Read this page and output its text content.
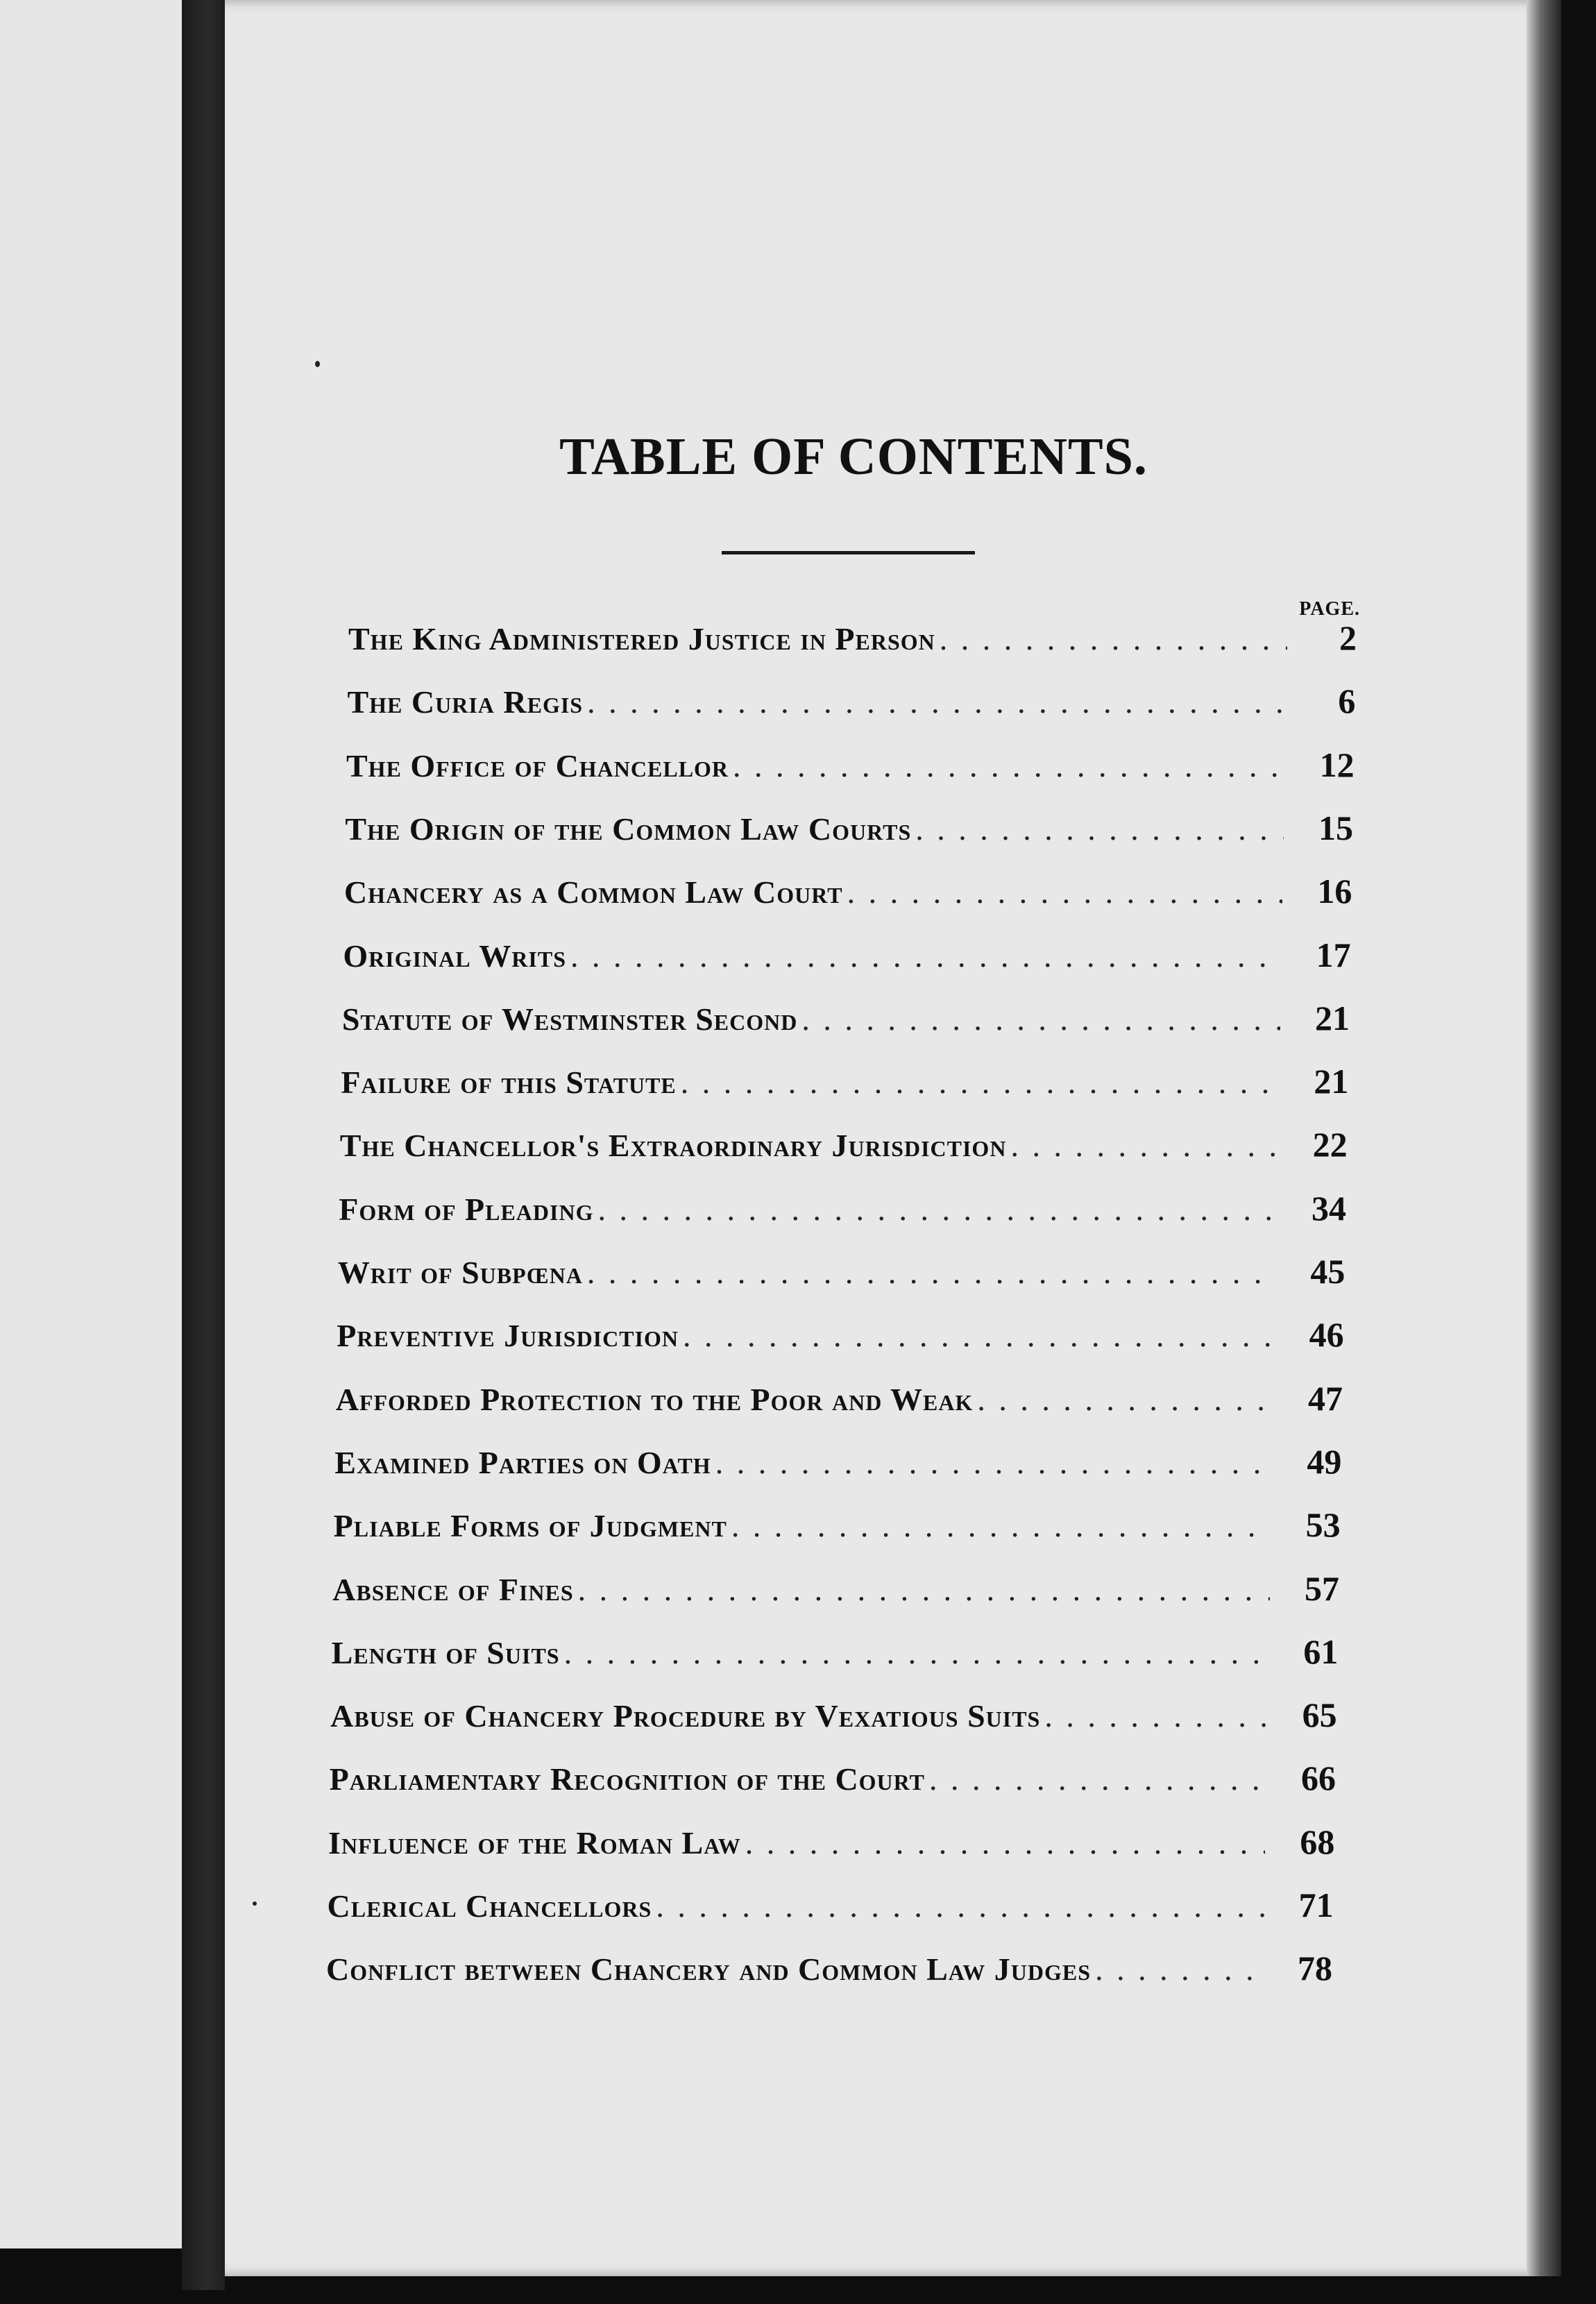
TABLE OF CONTENTS.
PAGE.
The King Administered Justice in Person . . .	2
The Curia Regis . . .	6
The Office of Chancellor . . .	12
The Origin of the Common Law Courts . . .	15
Chancery as a Common Law Court . . .	16
Original Writs . . .	17
Statute of Westminster Second . . .	21
Failure of this Statute . . .	21
The Chancellor's Extraordinary Jurisdiction . . .	22
Form of Pleading . . .	34
Writ of Subpœna . . .	45
Preventive Jurisdiction . . .	46
Afforded Protection to the Poor and Weak . . .	47
Examined Parties on Oath . . .	49
Pliable Forms of Judgment . . .	53
Absence of Fines . . .	57
Length of Suits . . .	61
Abuse of Chancery Procedure by Vexatious Suits . . .	65
Parliamentary Recognition of the Court . . .	66
Influence of the Roman Law . . .	68
Clerical Chancellors . . .	71
Conflict between Chancery and Common Law Judges . . .	78
